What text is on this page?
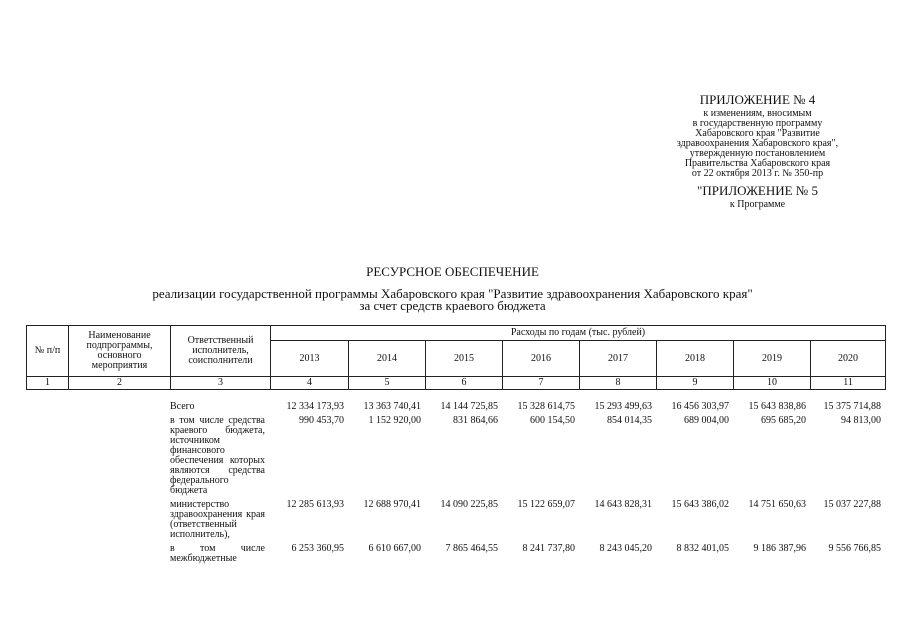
ПРИЛОЖЕНИЕ № 4
к изменениям, вносимым
в государственную программу
Хабаровского края "Развитие
здравоохранения Хабаровского края",
утвержденную постановлением
Правительства Хабаровского края
от 22 октября 2013 г. № 350-пр
"ПРИЛОЖЕНИЕ № 5
к Программе
РЕСУРСНОЕ ОБЕСПЕЧЕНИЕ
реализации государственной программы Хабаровского края "Развитие здравоохранения Хабаровского края"
за счет средств краевого бюджета
№ п/п	Наименование подпрограммы, основного мероприятия	Ответственный исполнитель, соисполнители	Расходы по годам (тыс. рублей)							
			2013	2014	2015	2016	2017	2018	2019	2020
1	2	3	4	5	6	7	8	9	10	11
		Всего	12 334 173,93	13 363 740,41	14 144 725,85	15 328 614,75	15 293 499,63	16 456 303,97	15 643 838,86	15 375 714,88
		в том числе средства краевого бюджета, источником финансового обеспечения которых являются средства федерального бюджета	990 453,70	1 152 920,00	831 864,66	600 154,50	854 014,35	689 004,00	695 685,20	94 813,00
		министерство здравоохранения края (ответственный исполнитель),	12 285 613,93	12 688 970,41	14 090 225,85	15 122 659,07	14 643 828,31	15 643 386,02	14 751 650,63	15 037 227,88
		в том числе межбюджетные	6 253 360,95	6 610 667,00	7 865 464,55	8 241 737,80	8 243 045,20	8 832 401,05	9 186 387,96	9 556 766,85
